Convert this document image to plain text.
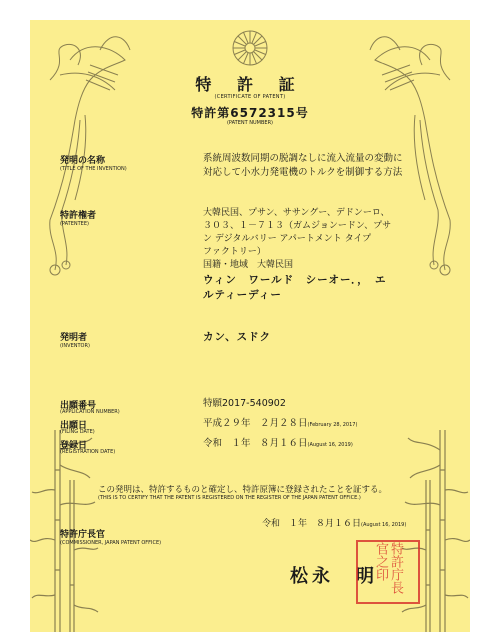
特 許 証
(CERTIFICATE OF PATENT)
特許第6572315号
(PATENT NUMBER)
発明の名称
(TITLE OF THE INVENTION)
系統周波数同期の脱調なしに流入流量の変動に
対応して小水力発電機のトルクを制御する方法
特許権者
(PATENTEE)
大韓民国、プサン、ササングー、デドンーロ、
３０３、１－７１３（ガムジョンードン、プサ
ン デジタルバリー アパートメント タイプ
ファクトリー）
国籍・地域　大韓民国
ウィン　ワールド　シーオー．，　エ
ルティーディー
発明者
(INVENTOR)
カン、スドク
出願番号
(APPLICATION NUMBER)
特願2017-540902
出願日
(FILING DATE)
平成２９年　２月２８日(February 28, 2017)
登録日
(REGISTRATION DATE)
令和　１年　８月１６日(August 16, 2019)
この発明は、特許するものと確定し、特許原簿に登録されたことを証する。
(THIS IS TO CERTIFY THAT THE PATENT IS REGISTERED ON THE REGISTER OF THE JAPAN PATENT OFFICE.)
令和　１年　８月１６日(August 16, 2019)
特許庁長官
(COMMISSIONER, JAPAN PATENT OFFICE)
松永　明 特許庁長官之印
